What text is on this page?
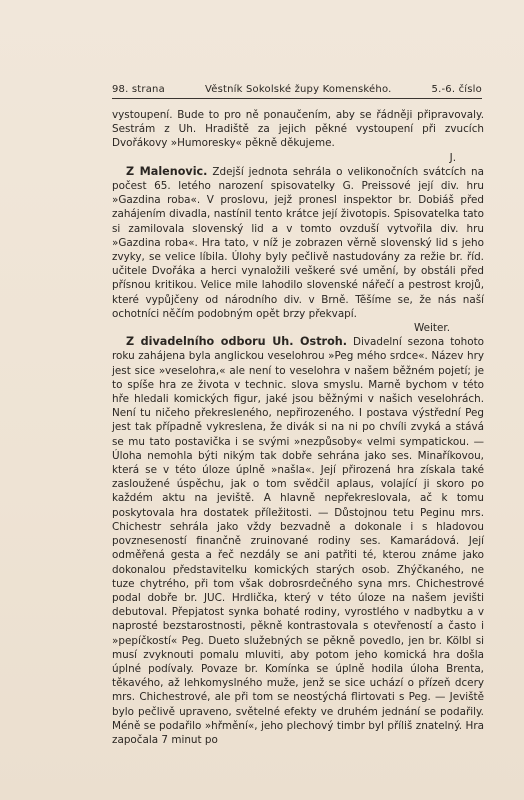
98. strana	Věstník Sokolské župy Komenského.	5.-6. číslo

vystoupení. Bude to pro ně ponaučením, aby se řádněji připravovaly. Sestrám z Uh. Hradiště za jejich pěkné vystoupení při zvucích Dvořákovy »Humoresky« pěkně děkujeme.

J.

Z Malenovic. Zdejší jednota sehrála o velikonočních svátcích na počest 65. letého narození spisovatelky G. Preissové její div. hru »Gazdina roba«. V proslovu, jejž pronesl inspektor br. Dobiáš před zahájením divadla, nastínil tento krátce její životopis. Spisovatelka tato si zamilovala slovenský lid a v tomto ovzduší vytvořila div. hru »Gazdina roba«. Hra tato, v níž je zobrazen věrně slovenský lid s jeho zvyky, se velice líbila. Úlohy byly pečlivě nastudovány za režie br. říd. učitele Dvořáka a herci vynaložili veškeré své umění, by obstáli před přísnou kritikou. Velice mile lahodilo slovenské nářečí a pestrost krojů, které vypůjčeny od národního div. v Brně. Těšíme se, že nás naší ochotníci něčím podobným opět brzy překvapí.

Weiter.

Z divadelního odboru Uh. Ostroh. Divadelní sezona tohoto roku zahájena byla anglickou veselohrou »Peg mého srdce«. Název hry jest sice »veselohra,« ale není to veselohra v našem běžném pojetí; je to spíše hra ze života v technic. slova smyslu. Marně bychom v této hře hledali komických figur, jaké jsou běžnými v našich veselohrách. Není tu ničeho překresleného, nepřirozeného. I postava výstřední Peg jest tak případně vykreslena, že divák si na ni po chvíli zvyká a stává se mu tato postavička i se svými »nezpůsoby« velmi sympatickou. — Úloha nemohla býti nikým tak dobře sehrána jako ses. Minaříkovou, která se v této úloze úplně »našla«. Její přirozená hra získala také zasloužené úspěchu, jak o tom svědčil aplaus, volající ji skoro po každém aktu na jeviště. A hlavně nepřekreslovala, ač k tomu poskytovala hra dostatek příležitosti. — Důstojnou tetu Peginu mrs. Chichestr sehrála jako vždy bezvadně a dokonale i s hladovou povzneseností finančně zruinované rodiny ses. Kamarádová. Její odměřená gesta a řeč nezdály se ani patřiti té, kterou známe jako dokonalou představitelku komických starých osob. Zhýčkaného, ne tuze chytrého, při tom však dobrosrdečného syna mrs. Chichestrové podal dobře br. JUC. Hrdlička, který v této úloze na našem jevišti debutoval. Přepjatost synka bohaté rodiny, vyrostlého v nadbytku a v naprosté bezstarostnosti, pěkně kontrastovala s otevřeností a často i »pepíčkostí« Peg. Dueto služebných se pěkně povedlo, jen br. Kölbl si musí zvyknouti pomalu mluviti, aby potom jeho komická hra došla úplné podívaly. Povaze br. Komínka se úplně hodila úloha Brenta, těkavého, až lehkomyslného muže, jenž se sice uchází o přízeň dcery mrs. Chichestrové, ale při tom se neostýchá flirtovati s Peg. — Jeviště bylo pečlivě upraveno, světelné efekty ve druhém jednání se podařily. Méně se podařilo »hřmění«, jeho plechový timbr byl příliš znatelný. Hra započala 7 minut po
